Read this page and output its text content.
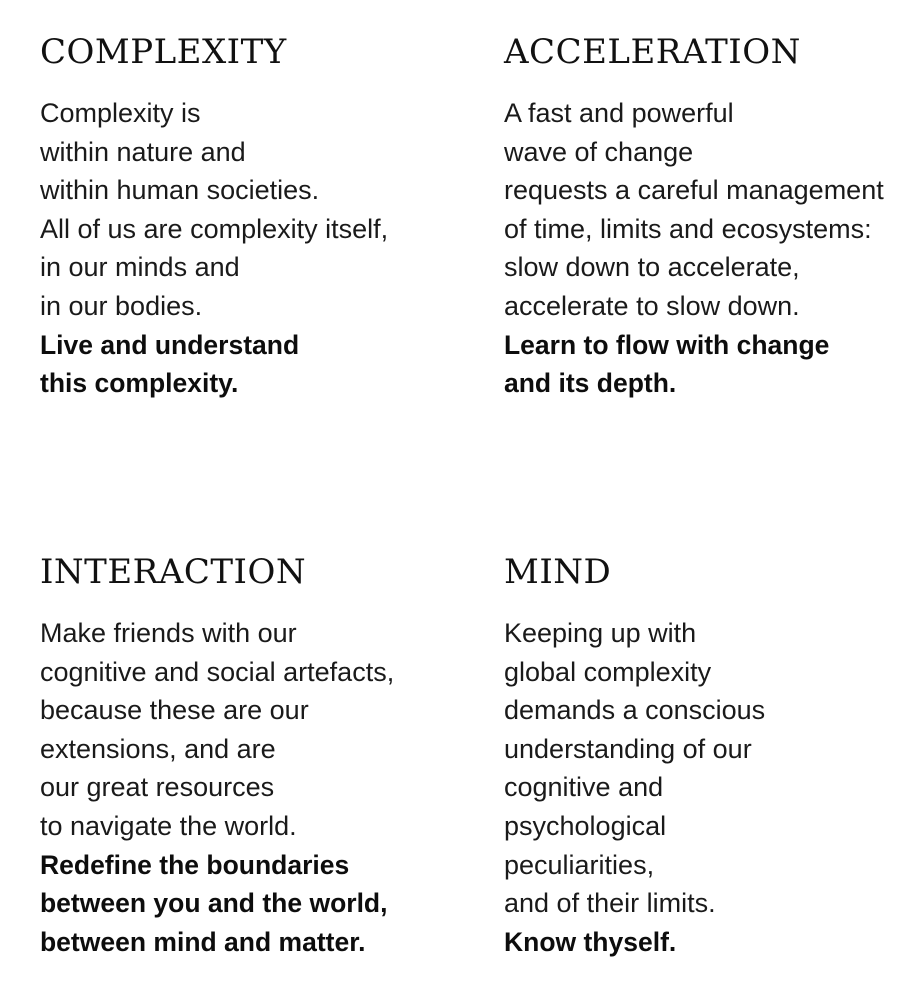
COMPLEXITY
Complexity is
within nature and
within human societies.
All of us are complexity itself,
in our minds and
in our bodies.
Live and understand
this complexity.
ACCELERATION
A fast and powerful
wave of change
requests a careful management
of time, limits and ecosystems:
slow down to accelerate,
accelerate to slow down.
Learn to flow with change
and its depth.
INTERACTION
Make friends with our
cognitive and social artefacts,
because these are our
extensions, and are
our great resources
to navigate the world.
Redefine the boundaries
between you and the world,
between mind and matter.
MIND
Keeping up with
global complexity
demands a conscious
understanding of our
cognitive and
psychological
peculiarities,
and of their limits.
Know thyself.
